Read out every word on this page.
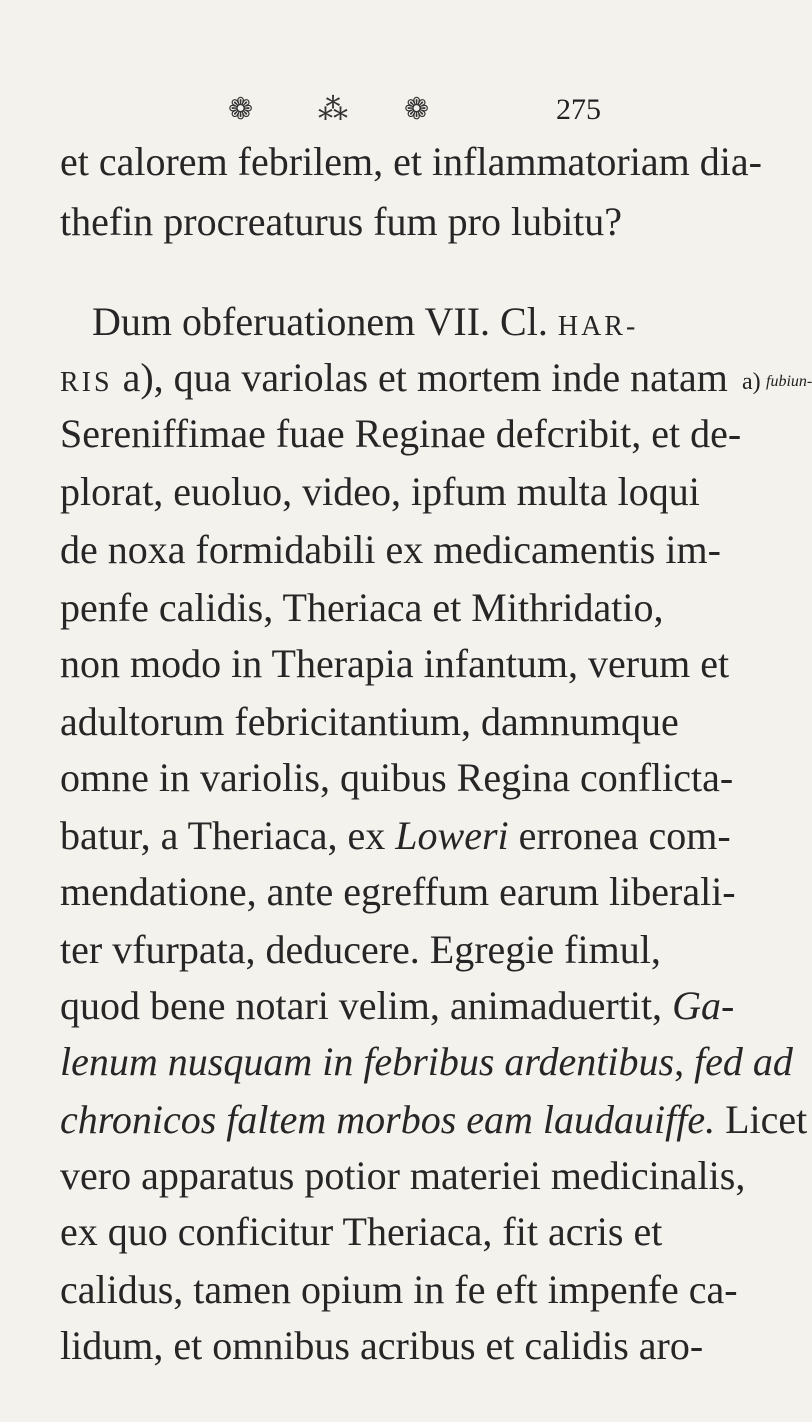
❁ ⁂ ❁	275
et calorem febrilem, et inflammatoriam dia-
thefin procreaturus fum pro lubitu?
Dum obferuationem VII. Cl. HAR-
RIS a), qua variolas et mortem inde natam
Sereniffimae fuae Reginae defcribit, et de-
plorat, euoluo, video, ipfum multa loqui
de noxa formidabili ex medicamentis im-
penfe calidis, Theriaca et Mithridatio,
non modo in Therapia infantum, verum et
adultorum febricitantium, damnumque
omne in variolis, quibus Regina conflicta-
batur, a Theriaca, ex Loweri erronea com-
mendatione, ante egreffum earum liberali-
ter vfurpata, deducere. Egregie fimul,
quod bene notari velim, animaduertit, Ga-
lenum nusquam in febribus ardentibus, fed ad
chronicos faltem morbos eam laudauiffe. Licet
vero apparatus potior materiei medicinalis,
ex quo conficitur Theriaca, fit acris et
calidus, tamen opium in fe eft impenfe ca-
lidum, et omnibus acribus et calidis aro-
a) fubiun-
